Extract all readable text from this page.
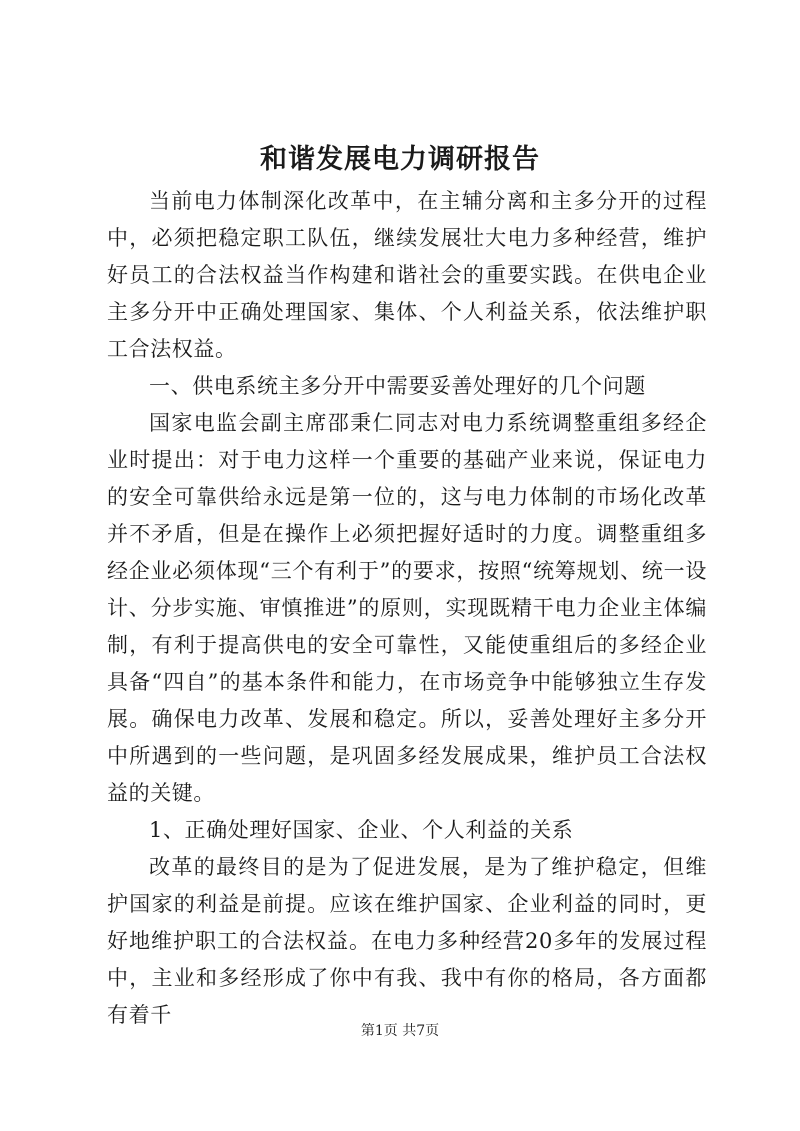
和谐发展电力调研报告

当前电力体制深化改革中，在主辅分离和主多分开的过程中，必须把稳定职工队伍，继续发展壮大电力多种经营，维护好员工的合法权益当作构建和谐社会的重要实践。在供电企业主多分开中正确处理国家、集体、个人利益关系，依法维护职工合法权益。

一、供电系统主多分开中需要妥善处理好的几个问题

国家电监会副主席邵秉仁同志对电力系统调整重组多经企业时提出：对于电力这样一个重要的基础产业来说，保证电力的安全可靠供给永远是第一位的，这与电力体制的市场化改革并不矛盾，但是在操作上必须把握好适时的力度。调整重组多经企业必须体现“三个有利于”的要求，按照“统筹规划、统一设计、分步实施、审慎推进”的原则，实现既精干电力企业主体编制，有利于提高供电的安全可靠性，又能使重组后的多经企业具备“四自”的基本条件和能力，在市场竞争中能够独立生存发展。确保电力改革、发展和稳定。所以，妥善处理好主多分开中所遇到的一些问题，是巩固多经发展成果，维护员工合法权益的关键。

1、正确处理好国家、企业、个人利益的关系

改革的最终目的是为了促进发展，是为了维护稳定，但维护国家的利益是前提。应该在维护国家、企业利益的同时，更好地维护职工的合法权益。在电力多种经营20多年的发展过程中，主业和多经形成了你中有我、我中有你的格局，各方面都有着千

第1页 共7页
